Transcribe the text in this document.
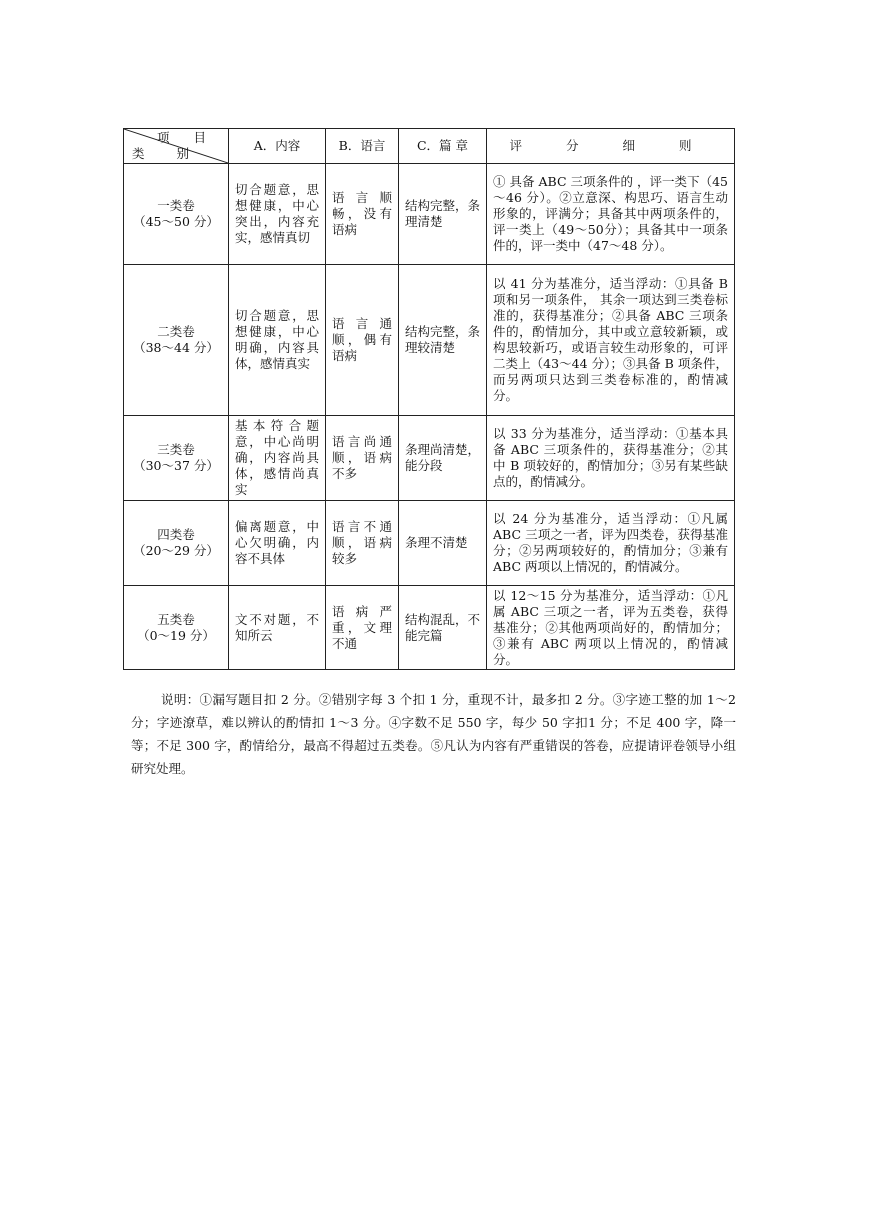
项 目
类 别	A．内容	B．语言	C．篇 章	评 分 细 则

一类卷
（45～50 分）	切合题意，思想健康，中心突出，内容充实，感情真切	语言顺畅，没有语病	结构完整，条理清楚	① 具备 ABC 三项条件的 ，评一类下（45～46 分）。②立意深、构思巧、语言生动形象的，评满分；具备其中两项条件的，评一类上（49～50分）；具备其中一项条件的，评一类中（47～48 分）。

二类卷
（38～44 分）	切合题意，思想健康，中心明确，内容具体，感情真实	语言通顺，偶有语病	结构完整，条理较清楚	以 41 分为基准分，适当浮动：①具备 B 项和另一项条件， 其余一项达到三类卷标准的，获得基准分；②具备 ABC 三项条件的，酌情加分，其中或立意较新颖，或构思较新巧，或语言较生动形象的，可评二类上（43～44 分）；③具备 B 项条件，而另两项只达到三类卷标准的，酌情减分。

三类卷
（30～37 分）	基本符合题意，中心尚明确，内容尚具体，感情尚真实	语言尚通顺，语病不多	条理尚清楚，能分段	以 33 分为基准分，适当浮动：①基本具备 ABC 三项条件的，获得基准分；②其中 B 项较好的，酌情加分；③另有某些缺点的，酌情减分。

四类卷
（20～29 分）	偏离题意，中心欠明确，内容不具体	语言不通顺，语病较多	条理不清楚	以 24 分为基准分，适当浮动：①凡属 ABC 三项之一者，评为四类卷，获得基准分；②另两项较好的，酌情加分；③兼有 ABC 两项以上情况的，酌情减分。

五类卷
（0～19 分）	文不对题，不知所云	语病严重，文理不通	结构混乱，不能完篇	以 12～15 分为基准分，适当浮动：①凡属 ABC 三项之一者，评为五类卷，获得基准分；②其他两项尚好的，酌情加分；③兼有 ABC 两项以上情况的，酌情减分。

说明：①漏写题目扣 2 分。②错别字每 3 个扣 1 分，重现不计，最多扣 2 分。③字迹工整的加 1～2 分；字迹潦草，难以辨认的酌情扣 1～3 分。④字数不足 550 字，每少 50 字扣1 分；不足 400 字，降一等；不足 300 字，酌情给分，最高不得超过五类卷。⑤凡认为内容有严重错误的答卷，应提请评卷领导小组研究处理。
